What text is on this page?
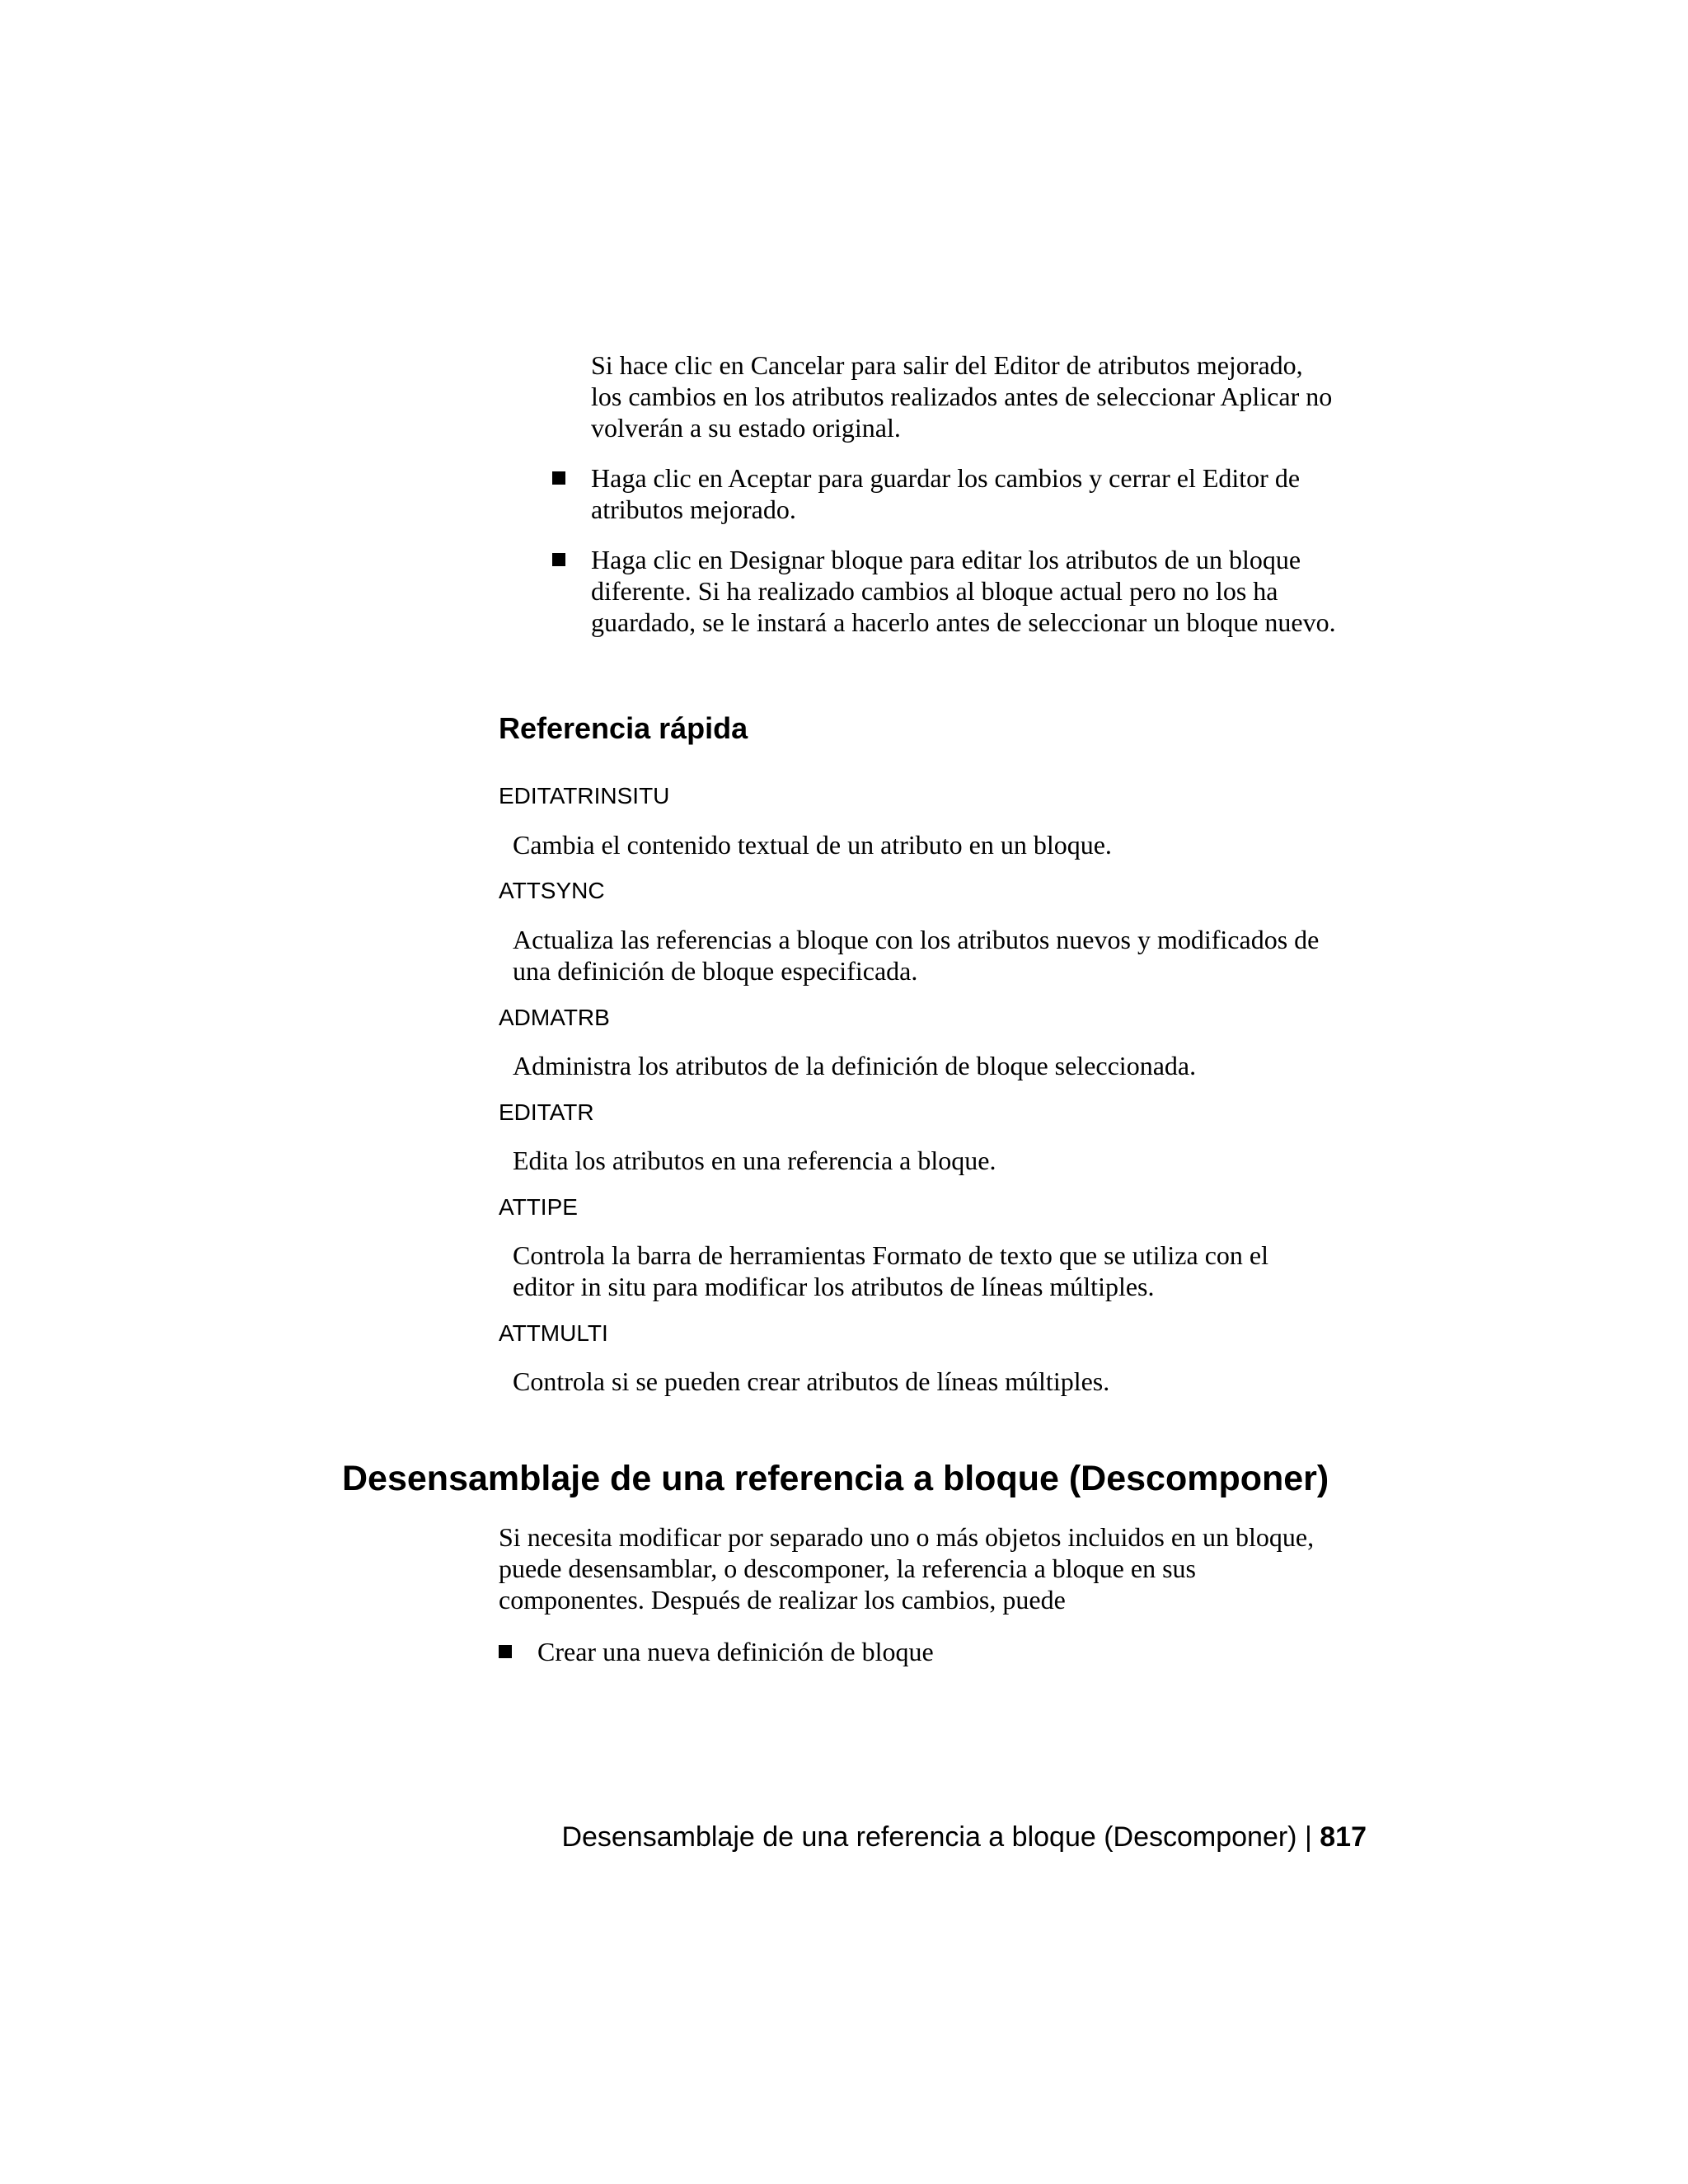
Si hace clic en Cancelar para salir del Editor de atributos mejorado,
los cambios en los atributos realizados antes de seleccionar Aplicar no
volverán a su estado original.
Haga clic en Aceptar para guardar los cambios y cerrar el Editor de
atributos mejorado.
Haga clic en Designar bloque para editar los atributos de un bloque
diferente. Si ha realizado cambios al bloque actual pero no los ha
guardado, se le instará a hacerlo antes de seleccionar un bloque nuevo.
Referencia rápida
EDITATRINSITU
Cambia el contenido textual de un atributo en un bloque.
ATTSYNC
Actualiza las referencias a bloque con los atributos nuevos y modificados de
una definición de bloque especificada.
ADMATRB
Administra los atributos de la definición de bloque seleccionada.
EDITATR
Edita los atributos en una referencia a bloque.
ATTIPE
Controla la barra de herramientas Formato de texto que se utiliza con el
editor in situ para modificar los atributos de líneas múltiples.
ATTMULTI
Controla si se pueden crear atributos de líneas múltiples.
Desensamblaje de una referencia a bloque (Descomponer)
Si necesita modificar por separado uno o más objetos incluidos en un bloque,
puede desensamblar, o descomponer, la referencia a bloque en sus
componentes. Después de realizar los cambios, puede
Crear una nueva definición de bloque
Desensamblaje de una referencia a bloque (Descomponer) | 817
